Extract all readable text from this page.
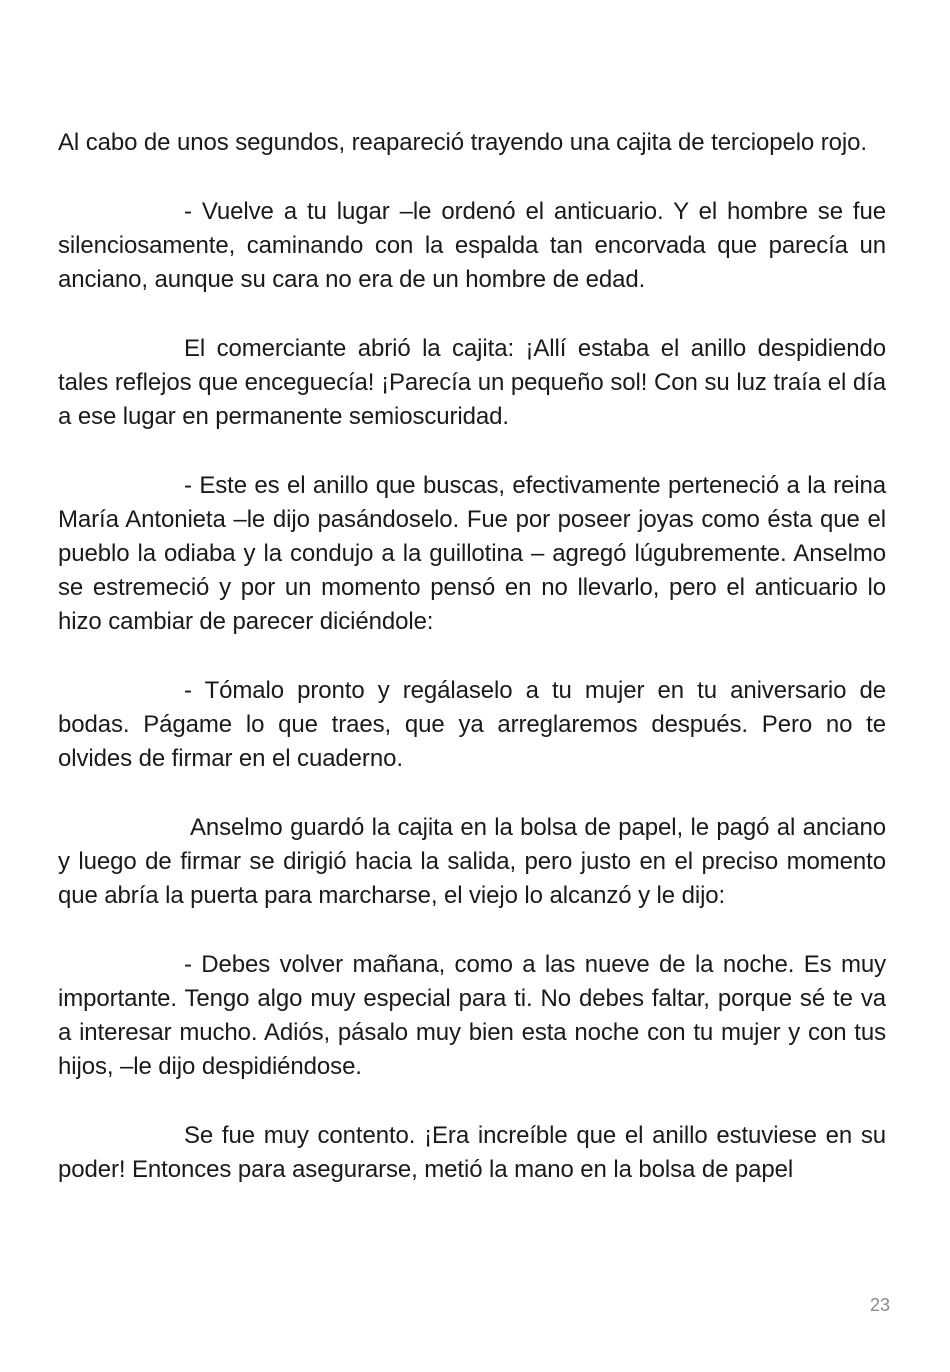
Al cabo de unos segundos, reapareció trayendo una cajita de terciopelo rojo.

- Vuelve a tu lugar –le ordenó el anticuario. Y el hombre se fue silenciosamente, caminando con la espalda tan encorvada que parecía un anciano, aunque su cara no era de un hombre de edad.

El comerciante abrió la cajita: ¡Allí estaba el anillo despidiendo tales reflejos que enceguecía! ¡Parecía un pequeño sol! Con su luz traía el día a ese lugar en permanente semioscuridad.

- Este es el anillo que buscas, efectivamente perteneció a la reina María Antonieta –le dijo pasándoselo. Fue por poseer joyas como ésta que el pueblo la odiaba y la condujo a la guillotina – agregó lúgubremente. Anselmo se estremeció y por un momento pensó en no llevarlo, pero el anticuario lo hizo cambiar de parecer diciéndole:

- Tómalo pronto y regálaselo a tu mujer en tu aniversario de bodas. Págame lo que traes, que ya arreglaremos después. Pero no te olvides de firmar en el cuaderno.

Anselmo guardó la cajita en la bolsa de papel, le pagó al anciano y luego de firmar se dirigió hacia la salida, pero justo en el preciso momento que abría la puerta para marcharse, el viejo lo alcanzó y le dijo:

- Debes volver mañana, como a las nueve de la noche. Es muy importante. Tengo algo muy especial para ti. No debes faltar, porque sé te va a interesar mucho. Adiós, pásalo muy bien esta noche con tu mujer y con tus hijos, –le dijo despidiéndose.

Se fue muy contento. ¡Era increíble que el anillo estuviese en su poder! Entonces para asegurarse, metió la mano en la bolsa de papel

23
